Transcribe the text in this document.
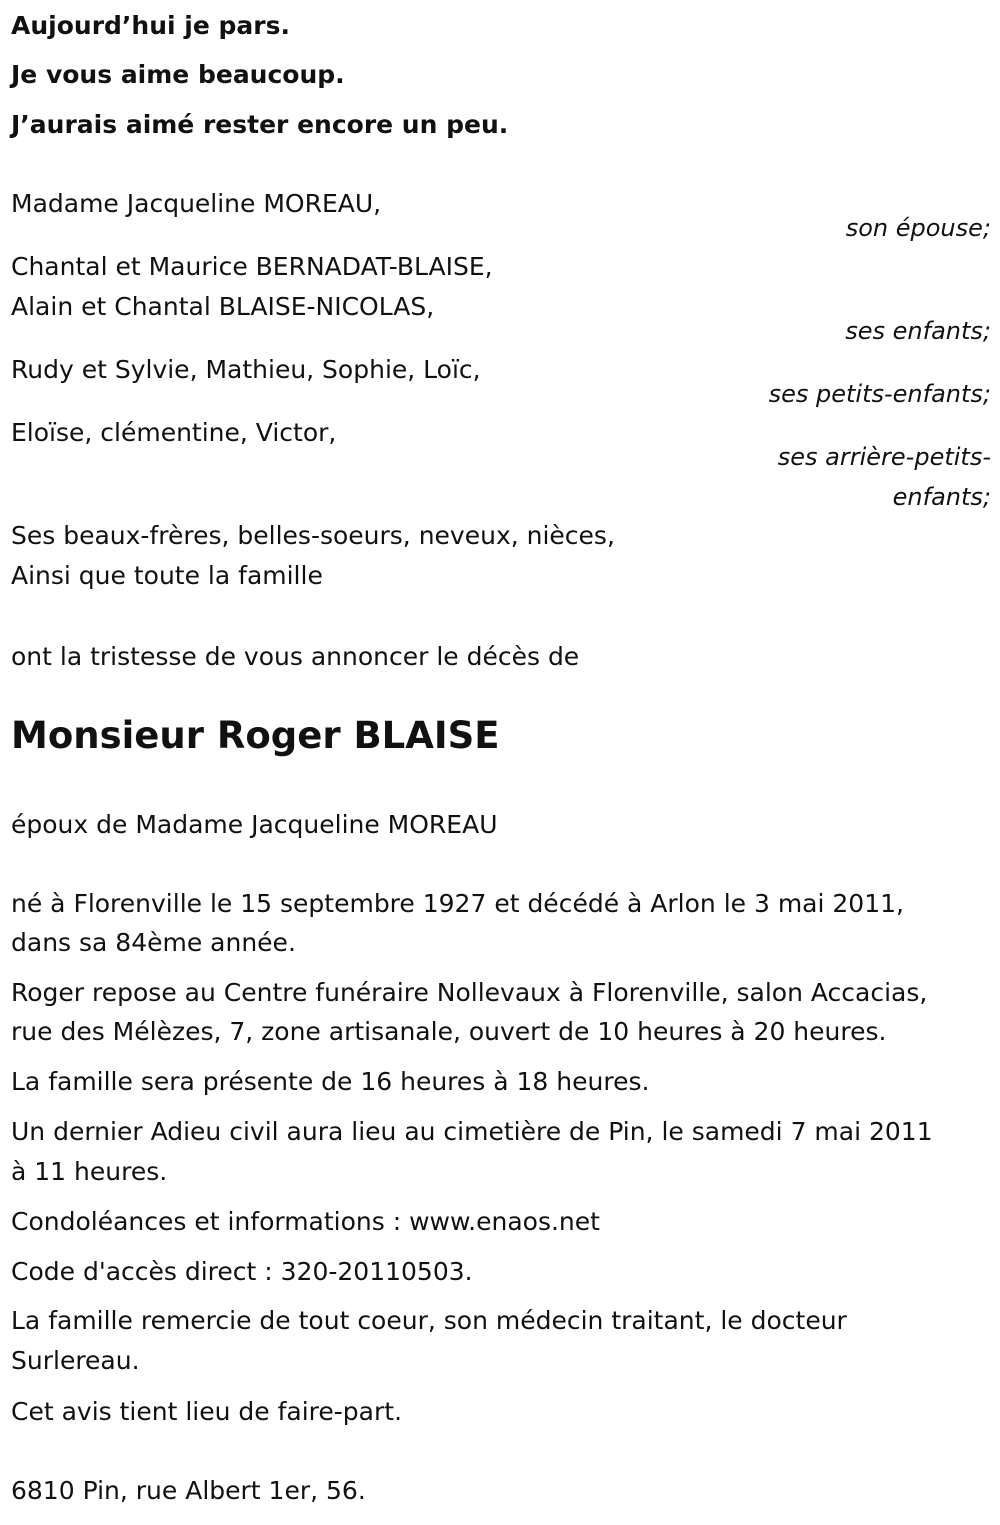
Aujourd’hui je pars.
Je vous aime beaucoup.
J’aurais aimé rester encore un peu.
Madame Jacqueline MOREAU,
son épouse;
Chantal et Maurice BERNADAT-BLAISE,
Alain et Chantal BLAISE-NICOLAS,
ses enfants;
Rudy et Sylvie, Mathieu, Sophie, Loïc,
ses petits-enfants;
Eloïse, clémentine, Victor,
ses arrière-petits-
enfants;
Ses beaux-frères, belles-soeurs, neveux, nièces,
Ainsi que toute la famille
ont la tristesse de vous annoncer le décès de
Monsieur Roger BLAISE
époux de Madame Jacqueline MOREAU
né à Florenville le 15 septembre 1927 et décédé à Arlon le 3 mai 2011,
dans sa 84ème année.
Roger repose au Centre funéraire Nollevaux à Florenville, salon Accacias,
rue des Mélèzes, 7, zone artisanale, ouvert de 10 heures à 20 heures.
La famille sera présente de 16 heures à 18 heures.
Un dernier Adieu civil aura lieu au cimetière de Pin, le samedi 7 mai 2011
à 11 heures.
Condoléances et informations : www.enaos.net
Code d'accès direct : 320-20110503.
La famille remercie de tout coeur, son médecin traitant, le docteur
Surlereau.
Cet avis tient lieu de faire-part.
6810 Pin, rue Albert 1er, 56.
